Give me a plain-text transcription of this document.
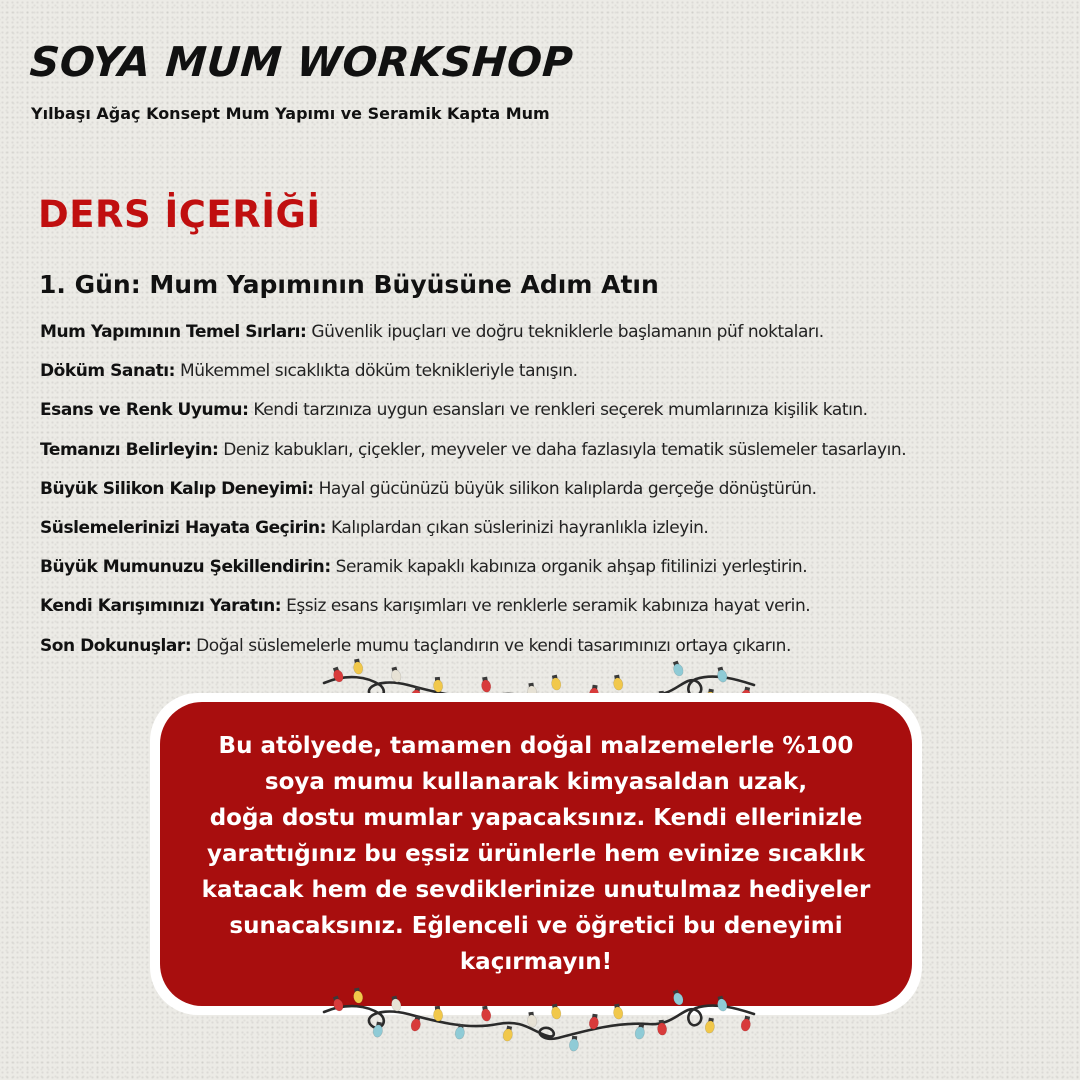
SOYA MUM WORKSHOP
Yılbaşı Ağaç Konsept Mum Yapımı ve Seramik Kapta Mum
DERS İÇERİĞİ
1. Gün: Mum Yapımının Büyüsüne Adım Atın
Mum Yapımının Temel Sırları: Güvenlik ipuçları ve doğru tekniklerle başlamanın püf noktaları.
Döküm Sanatı: Mükemmel sıcaklıkta döküm teknikleriyle tanışın.
Esans ve Renk Uyumu: Kendi tarzınıza uygun esansları ve renkleri seçerek mumlarınıza kişilik katın.
Temanızı Belirleyin: Deniz kabukları, çiçekler, meyveler ve daha fazlasıyla tematik süslemeler tasarlayın.
Büyük Silikon Kalıp Deneyimi: Hayal gücünüzü büyük silikon kalıplarda gerçeğe dönüştürün.
Süslemelerinizi Hayata Geçirin: Kalıplardan çıkan süslerinizi hayranlıkla izleyin.
Büyük Mumunuzu Şekillendirin: Seramik kapaklı kabınıza organik ahşap fitilinizi yerleştirin.
Kendi Karışımınızı Yaratın: Eşsiz esans karışımları ve renklerle seramik kabınıza hayat verin.
Son Dokunuşlar: Doğal süslemelerle mumu taçlandırın ve kendi tasarımınızı ortaya çıkarın.

Bu atölyede, tamamen doğal malzemelerle %100
soya mumu kullanarak kimyasaldan uzak,
doğa dostu mumlar yapacaksınız. Kendi ellerinizle
yarattığınız bu eşsiz ürünlerle hem evinize sıcaklık
katacak hem de sevdiklerinize unutulmaz hediyeler
sunacaksınız. Eğlenceli ve öğretici bu deneyimi
kaçırmayın!
